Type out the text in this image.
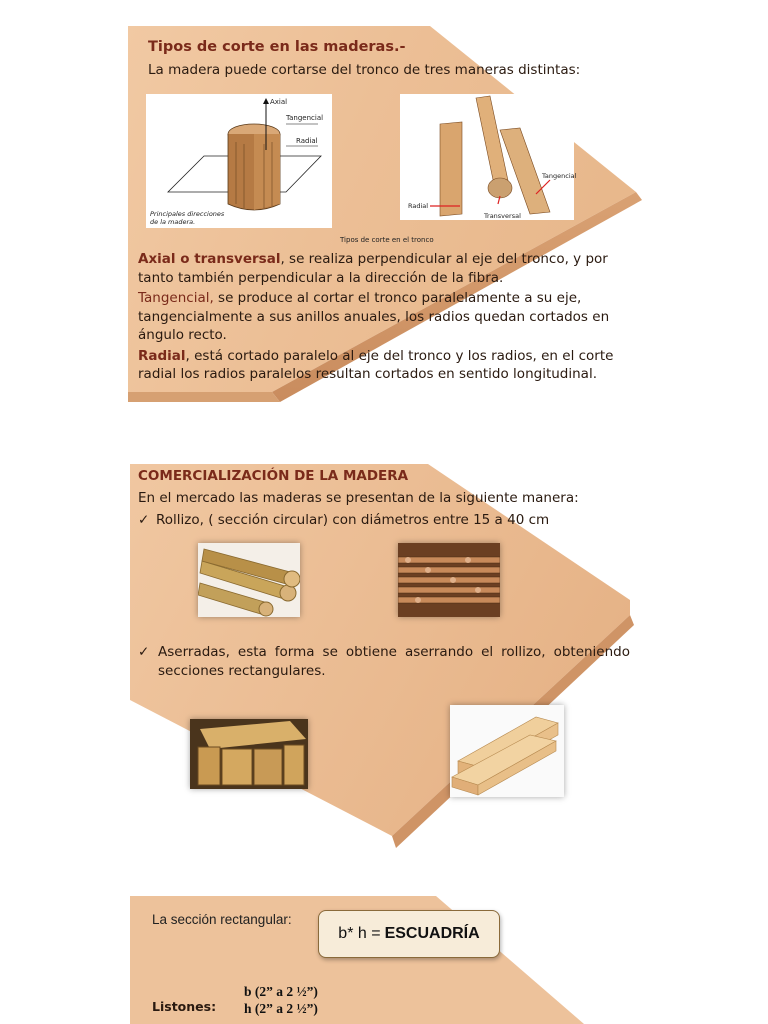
Tipos de corte en las maderas.-
La madera puede cortarse del tronco de tres maneras distintas:
Axial
Tangencial
Radial
Principales direcciones
de la madera.
Tangencial
Radial
Transversal
Tipos de corte en el tronco
Axial o transversal, se realiza perpendicular al eje del tronco, y por tanto también perpendicular a la dirección de la fibra.
Tangencial, se produce al cortar el tronco paralelamente a su eje, tangencialmente a sus anillos anuales, los radios quedan cortados en ángulo recto.
Radial, está cortado paralelo al eje del tronco y los radios, en el corte radial los radios paralelos resultan cortados en sentido longitudinal.
COMERCIALIZACIÓN DE LA MADERA
En el mercado las maderas se presentan de la siguiente manera:
✓ Rollizo, ( sección circular) con diámetros entre 15 a 40 cm
✓ Aserradas, esta forma se obtiene aserrando el rollizo, obteniendo secciones rectangulares.
La sección rectangular:
b* h = ESCUADRÍA
Listones:
b (2” a 2 ½”)
h (2” a 2 ½”)
